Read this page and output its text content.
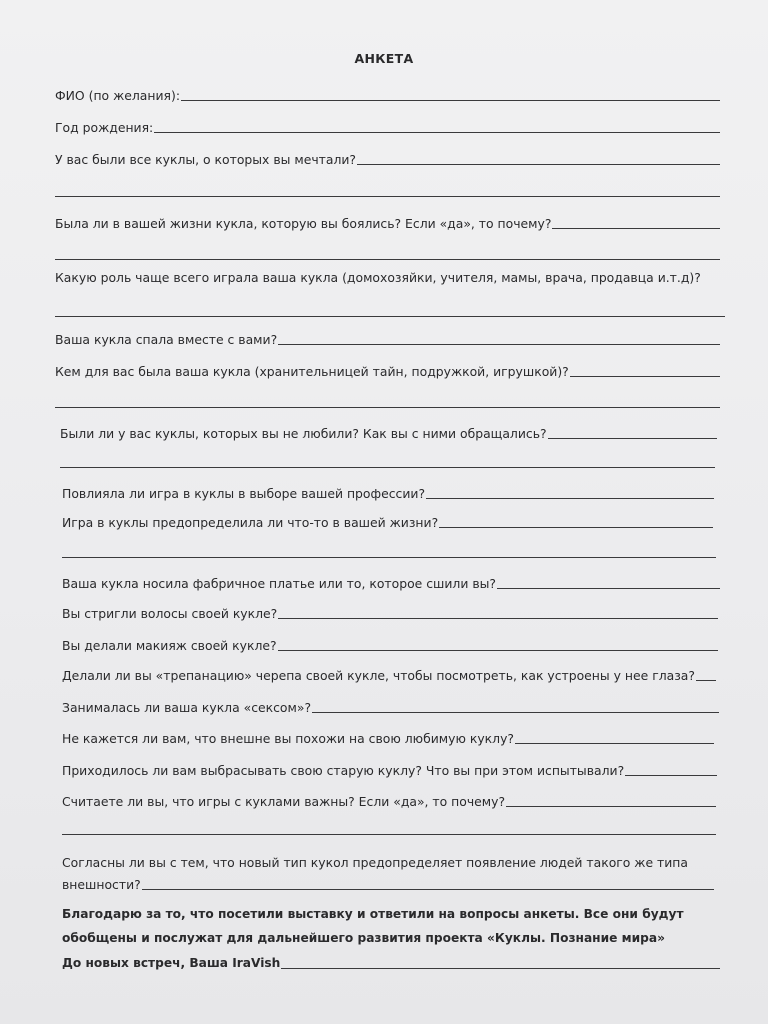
АНКЕТА
ФИО (по желания):
Год рождения:
У вас были все куклы, о которых вы мечтали?
Была ли в вашей жизни кукла, которую вы боялись? Если «да», то почему?
Какую роль чаще всего играла ваша кукла (домохозяйки, учителя, мамы, врача, продавца и.т.д)?
Ваша кукла спала вместе с вами?
Кем для вас была ваша кукла (хранительницей тайн, подружкой, игрушкой)?
Были ли у вас куклы, которых вы не любили? Как вы с ними обращались?
Повлияла ли игра в куклы в выборе вашей профессии?
Игра в куклы предопределила ли что-то в вашей жизни?
Ваша кукла носила фабричное платье или то, которое сшили вы?
Вы стригли волосы своей кукле?
Вы делали макияж своей кукле?
Делали ли вы «трепанацию» черепа своей кукле, чтобы посмотреть, как устроены у нее глаза?
Занималась ли ваша кукла «сексом»?
Не кажется ли вам, что внешне вы похожи на свою любимую куклу?
Приходилось ли вам выбрасывать свою старую куклу? Что вы при этом испытывали?
Считаете ли вы, что игры с куклами важны? Если «да», то почему?
Согласны ли вы с тем, что новый тип кукол предопределяет появление людей такого же типа
внешности?
Благодарю за то, что посетили выставку и ответили на вопросы анкеты. Все они будут обобщены и послужат для дальнейшего развития проекта «Куклы. Познание мира»
До новых встреч, Ваша IraVish
